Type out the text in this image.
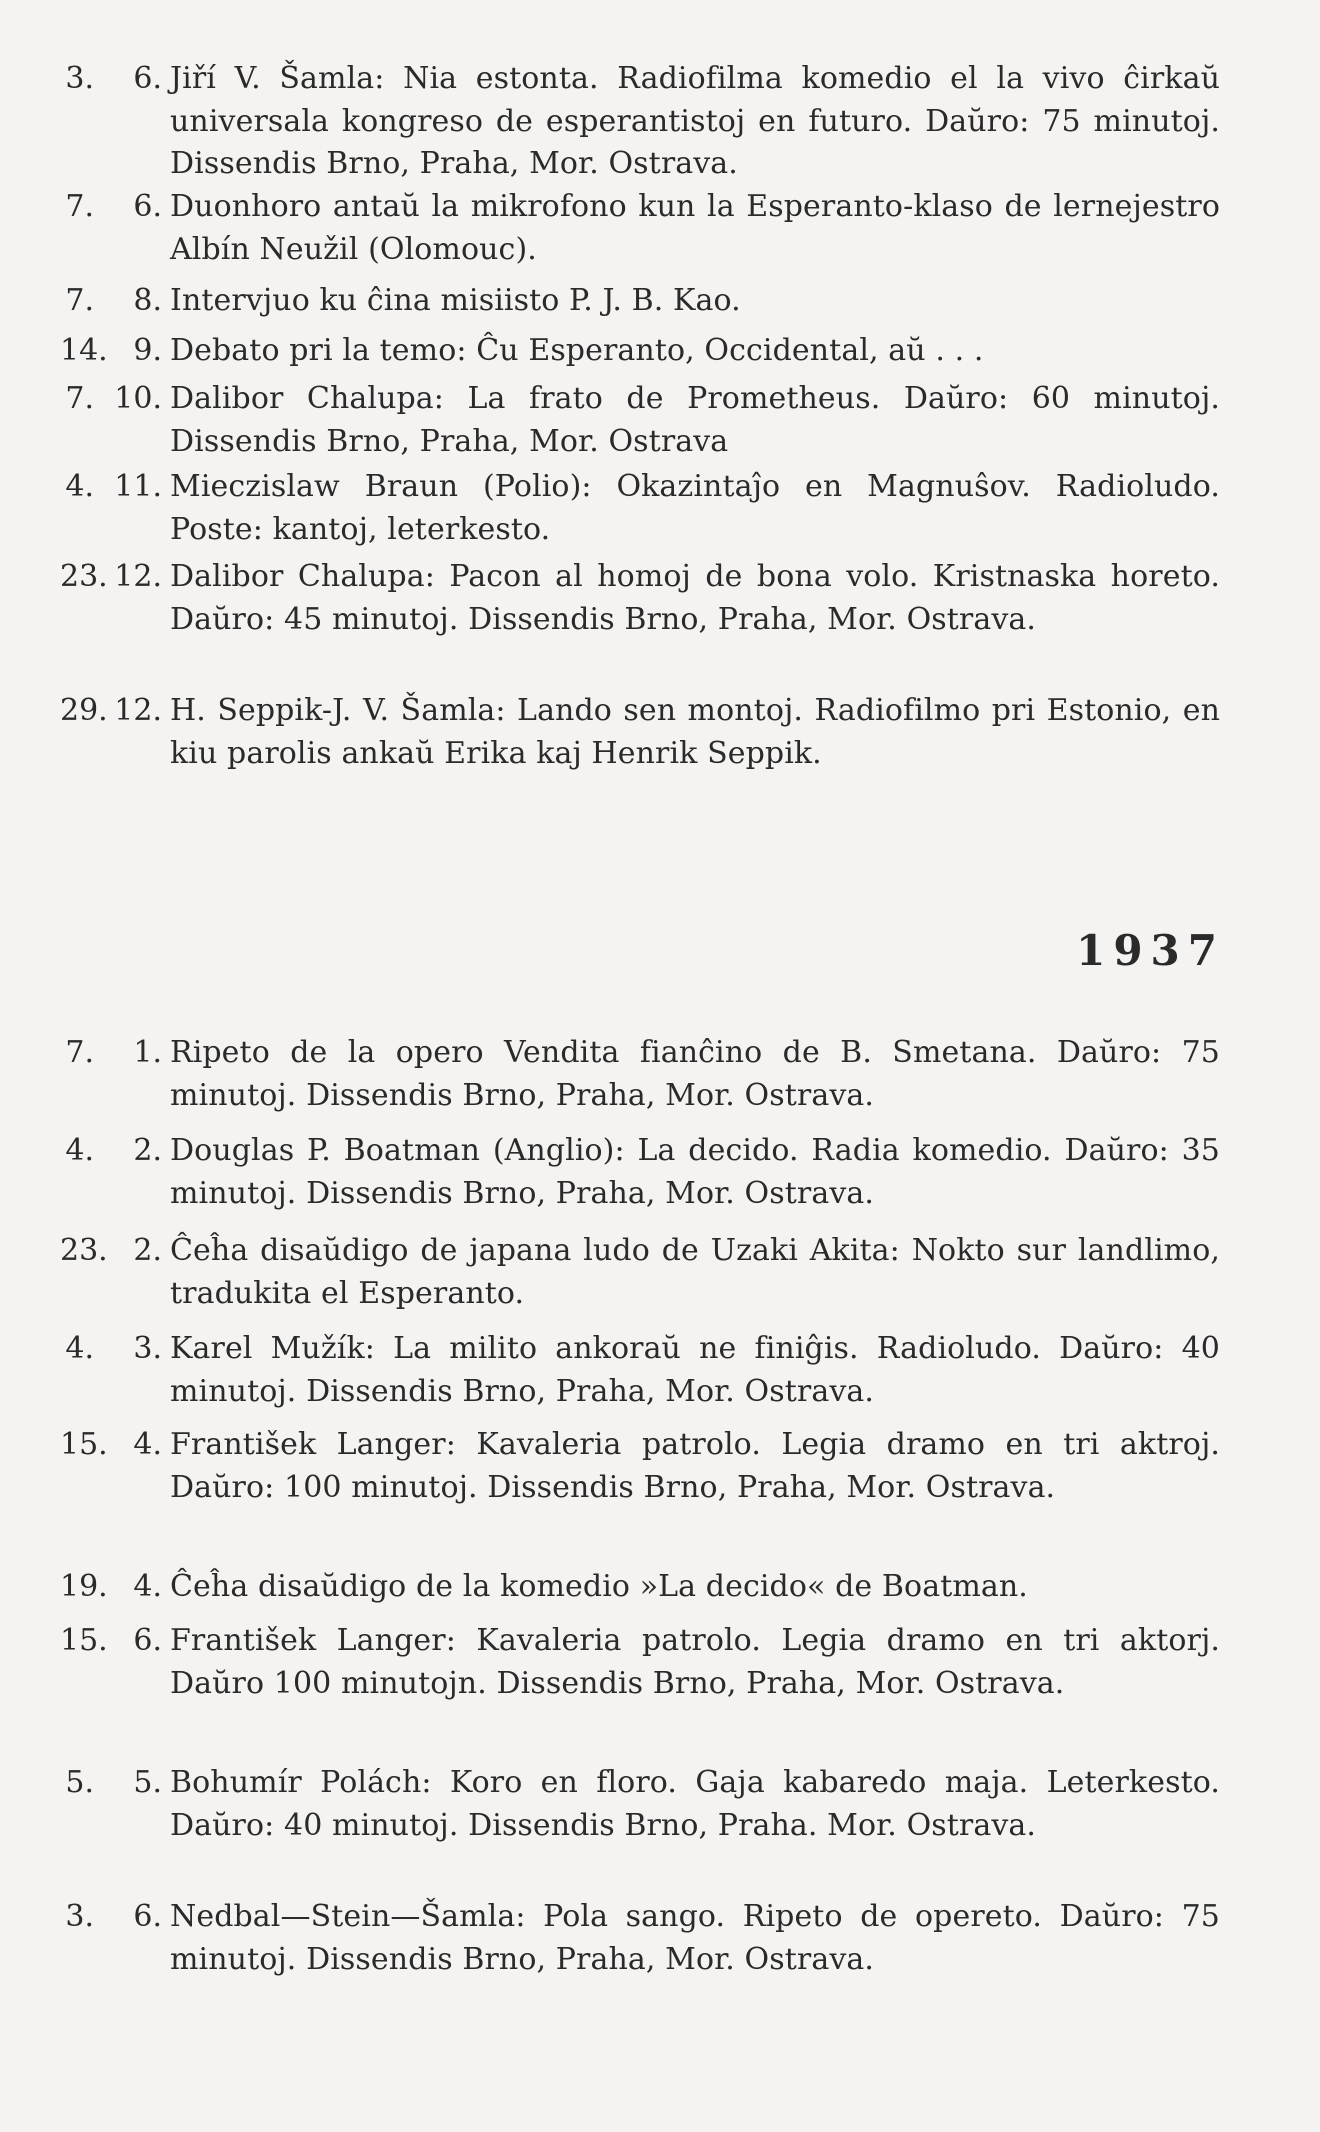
3.	6. Jiří V. Šamla: Nia estonta. Radiofilma komedio el la vivo ĉirkaŭ universala kongreso de esperantistoj en futuro. Daŭro: 75 minutoj. Dissendis Brno, Praha, Mor. Ostrava.
7.	6. Duonhoro antaŭ la mikrofono kun la Esperanto-klaso de lernejestro Albín Neužil (Olomouc).
7.	8. Intervjuo ku ĉina misiisto P. J. B. Kao.
14. 9. Debato pri la temo: Ĉu Esperanto, Occidental, aŭ . . .
7. 10. Dalibor Chalupa: La frato de Prometheus. Daŭro: 60 minutoj. Dissendis Brno, Praha, Mor. Ostrava
4. 11. Mieczislaw Braun (Polio): Okazintaĵo en Magnuŝov. Radioludo. Poste: kantoj, leterkesto.
23. 12. Dalibor Chalupa: Pacon al homoj de bona volo. Kristnaska horeto. Daŭro: 45 minutoj. Dissendis Brno, Praha, Mor. Ostrava.
29. 12. H. Seppik-J. V. Šamla: Lando sen montoj. Radiofilmo pri Estonio, en kiu parolis ankaŭ Erika kaj Henrik Seppik.
1937
7.	1. Ripeto de la opero Vendita fianĉino de B. Smetana. Daŭro: 75 minutoj. Dissendis Brno, Praha, Mor. Ostrava.
4.	2. Douglas P. Boatman (Anglio): La decido. Radia komedio. Daŭro: 35 minutoj. Dissendis Brno, Praha, Mor. Ostrava.
23. 2. Ĉeĥa disaŭdigo de japana ludo de Uzaki Akita: Nokto sur landlimo, tradukita el Esperanto.
4.	3. Karel Mužík: La milito ankoraŭ ne finiĝis. Radioludo. Daŭro: 40 minutoj. Dissendis Brno, Praha, Mor. Ostrava.
15. 4. František Langer: Kavaleria patrolo. Legia dramo en tri aktroj. Daŭro: 100 minutoj. Dissendis Brno, Praha, Mor. Ostrava.
19. 4. Ĉeĥa disaŭdigo de la komedio »La decido« de Boatman.
15. 6. František Langer: Kavaleria patrolo. Legia dramo en tri aktorj. Daŭro 100 minutojn. Dissendis Brno, Praha, Mor. Ostrava.
5.	5. Bohumír Polách: Koro en floro. Gaja kabaredo maja. Leterkesto. Daŭro: 40 minutoj. Dissendis Brno, Praha. Mor. Ostrava.
3.	6. Nedbal—Stein—Šamla: Pola sango. Ripeto de opereto. Daŭro: 75 minutoj. Dissendis Brno, Praha, Mor. Ostrava.
